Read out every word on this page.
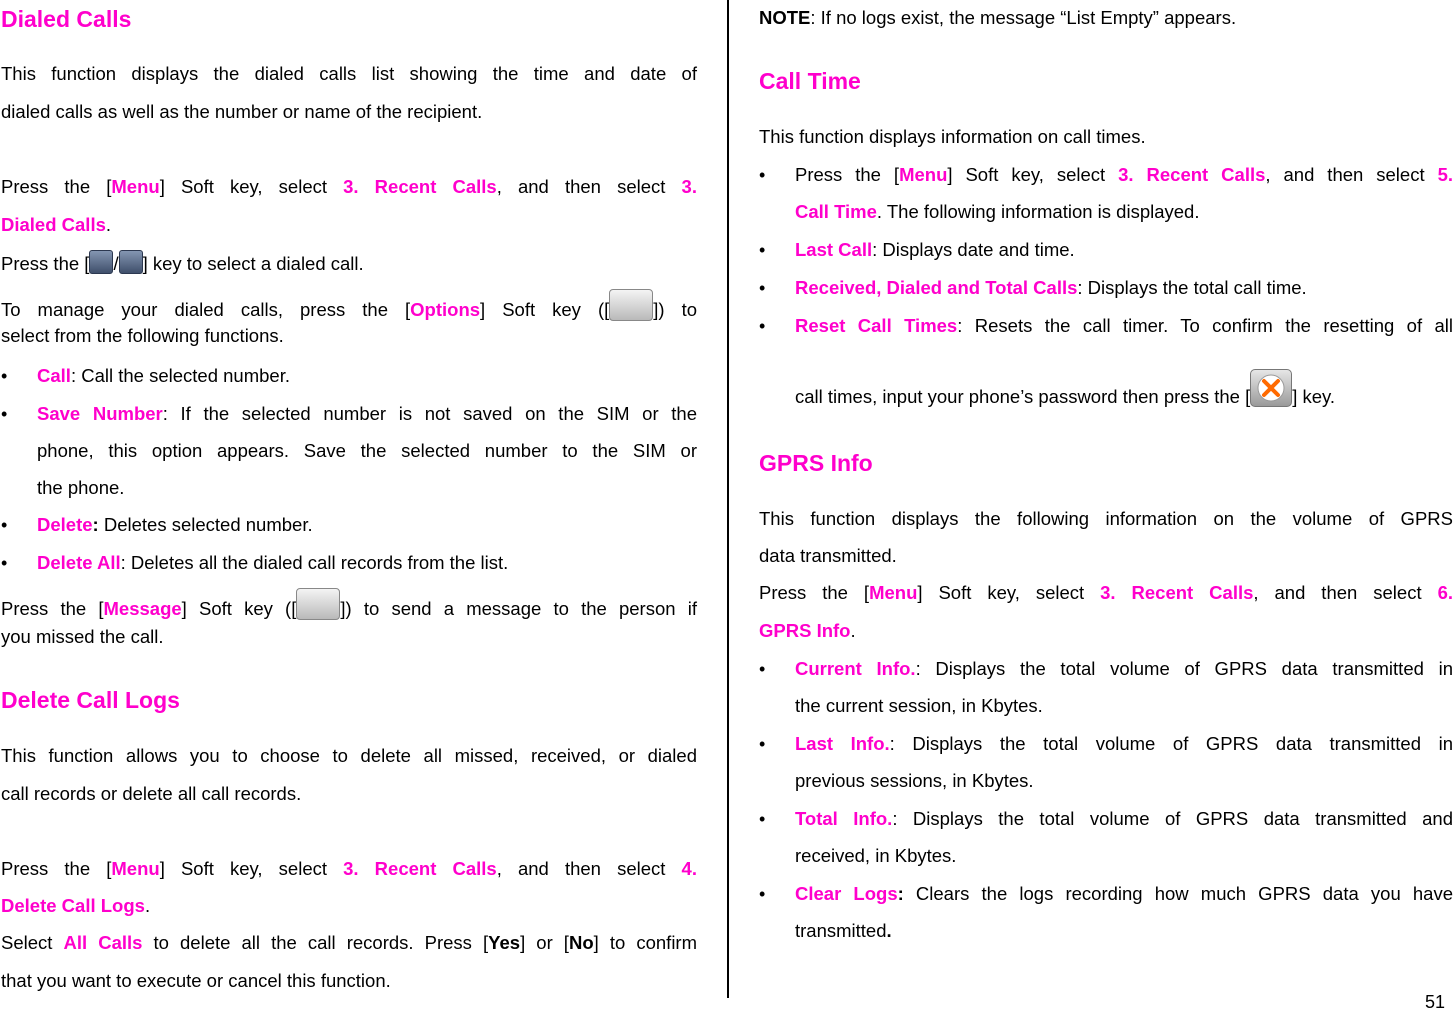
Dialed Calls
This function displays the dialed calls list showing the time and date of
dialed calls as well as the number or name of the recipient.
Press the [Menu] Soft key, select 3. Recent Calls, and then select 3.
Dialed Calls.
Press the [ / ] key to select a dialed call.
To manage your dialed calls, press the [Options] Soft key ([ ]) to
select from the following functions.
•	Call: Call the selected number.
•	Save Number: If the selected number is not saved on the SIM or the
phone, this option appears. Save the selected number to the SIM or
the phone.
•	Delete: Deletes selected number.
•	Delete All: Deletes all the dialed call records from the list.
Press the [Message] Soft key ([ ]) to send a message to the person if
you missed the call.
Delete Call Logs
This function allows you to choose to delete all missed, received, or dialed
call records or delete all call records.
Press the [Menu] Soft key, select 3. Recent Calls, and then select 4.
Delete Call Logs.
Select All Calls to delete all the call records. Press [Yes] or [No] to confirm
that you want to execute or cancel this function.
NOTE: If no logs exist, the message “List Empty” appears.
Call Time
This function displays information on call times.
•	Press the [Menu] Soft key, select 3. Recent Calls, and then select 5.
Call Time. The following information is displayed.
•	Last Call: Displays date and time.
•	Received, Dialed and Total Calls: Displays the total call time.
•	Reset Call Times: Resets the call timer. To confirm the resetting of all
call times, input your phone’s password then press the [ ] key.
GPRS Info
This function displays the following information on the volume of GPRS
data transmitted.
Press the [Menu] Soft key, select 3. Recent Calls, and then select 6.
GPRS Info.
•	Current Info.: Displays the total volume of GPRS data transmitted in
the current session, in Kbytes.
•	Last Info.: Displays the total volume of GPRS data transmitted in
previous sessions, in Kbytes.
•	Total Info.: Displays the total volume of GPRS data transmitted and
received, in Kbytes.
•	Clear Logs: Clears the logs recording how much GPRS data you have
transmitted.
51
